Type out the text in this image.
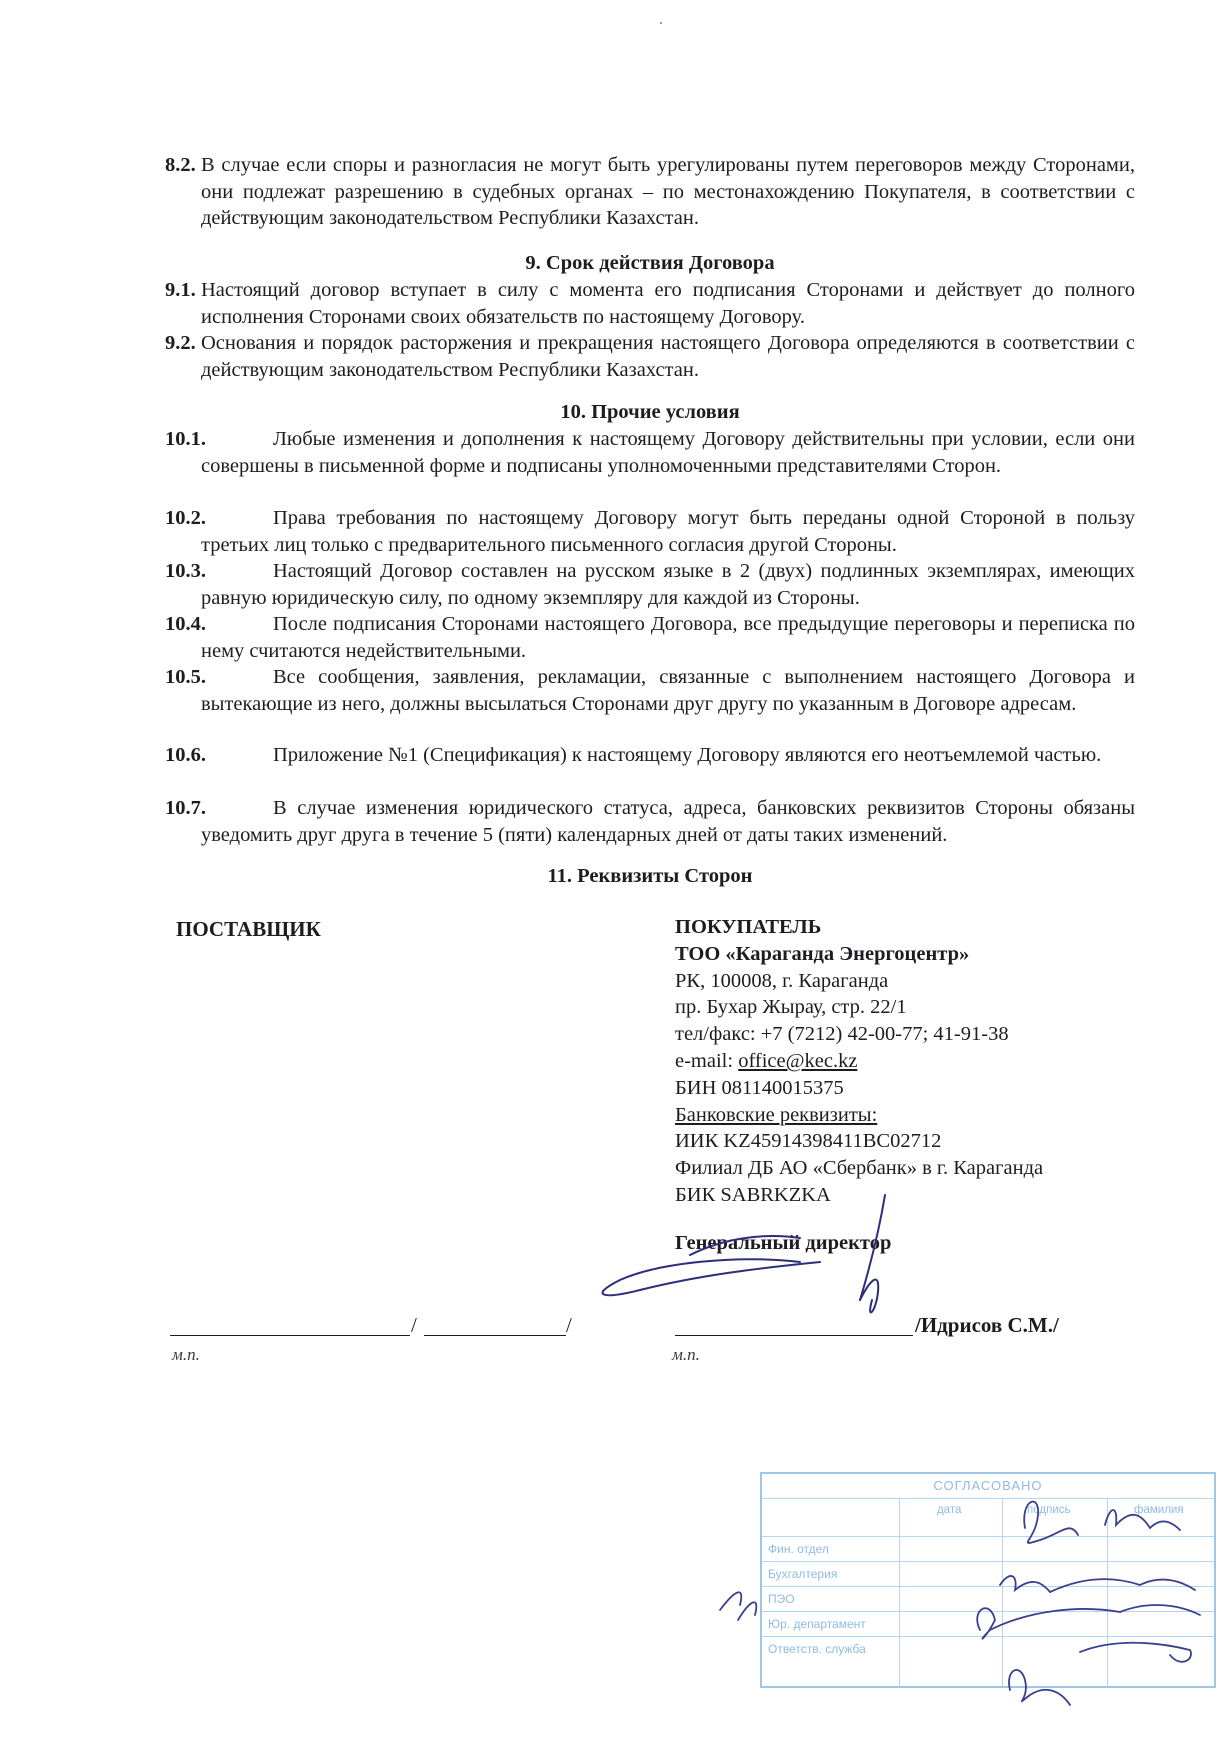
8.2. В случае если споры и разногласия не могут быть урегулированы путем переговоров между Сторонами, они подлежат разрешению в судебных органах – по местонахождению Покупателя, в соответствии с действующим законодательством Республики Казахстан.
9. Срок действия Договора
9.1. Настоящий договор вступает в силу с момента его подписания Сторонами и действует до полного исполнения Сторонами своих обязательств по настоящему Договору.
9.2. Основания и порядок расторжения и прекращения настоящего Договора определяются в соответствии с действующим законодательством Республики Казахстан.
10. Прочие условия
10.1.	Любые изменения и дополнения к настоящему Договору действительны при условии, если они совершены в письменной форме и подписаны уполномоченными представителями Сторон.
10.2.	Права требования по настоящему Договору могут быть переданы одной Стороной в пользу третьих лиц только с предварительного письменного согласия другой Стороны.
10.3.	Настоящий Договор составлен на русском языке в 2 (двух) подлинных экземплярах, имеющих равную юридическую силу, по одному экземпляру для каждой из Стороны.
10.4.	После подписания Сторонами настоящего Договора, все предыдущие переговоры и переписка по нему считаются недействительными.
10.5.	Все сообщения, заявления, рекламации, связанные с выполнением настоящего Договора и вытекающие из него, должны высылаться Сторонами друг другу по указанным в Договоре адресам.
10.6.	Приложение №1 (Спецификация) к настоящему Договору являются его неотъемлемой частью.
10.7.	В случае изменения юридического статуса, адреса, банковских реквизитов Стороны обязаны уведомить друг друга в течение 5 (пяти) календарных дней от даты таких изменений.
11. Реквизиты Сторон
ПОСТАВЩИК	ПОКУПАТЕЛЬ
ТОО «Караганда Энергоцентр»
РК, 100008, г. Караганда
пр. Бухар Жырау, стр. 22/1
тел/факс: +7 (7212) 42-00-77; 41-91-38
e-mail: office@kec.kz
БИН 081140015375
Банковские реквизиты:
ИИК KZ45914398411BC02712
Филиал ДБ АО «Сбербанк» в г. Караганда
БИК SABRKZKA
Генеральный директор
/	/
м.п.
/Идрисов С.М./
м.п.
СОГЛАСОВАНО
дата	подпись	фамилия
Фин. отдел
Бухгалтерия
ПЭО
Юр. департамент
Ответств. служба
